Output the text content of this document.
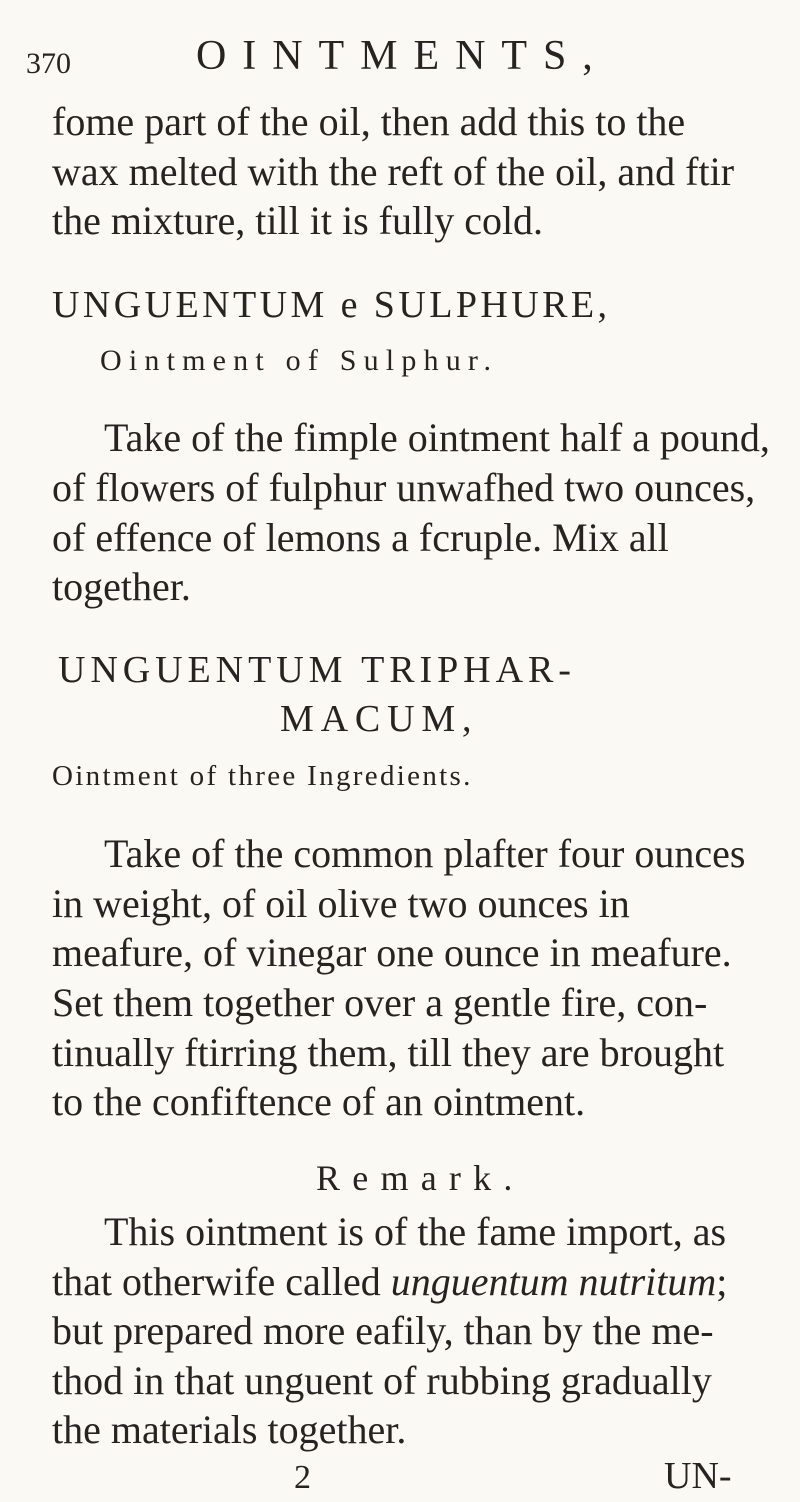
370	OINTMENTS,
fome part of the oil, then add this to the
wax melted with the reft of the oil, and ftir
the mixture, till it is fully cold.
UNGUENTUM e SULPHURE,
Ointment of Sulphur.
Take of the fimple ointment half a pound,
of flowers of fulphur unwafhed two ounces,
of effence of lemons a fcruple. Mix all
together.
UNGUENTUM TRIPHAR-
MACUM,
Ointment of three Ingredients.
Take of the common plafter four ounces
in weight, of oil olive two ounces in
meafure, of vinegar one ounce in meafure.
Set them together over a gentle fire, con-
tinually ftirring them, till they are brought
to the confiftence of an ointment.
Remark.
This ointment is of the fame import, as
that otherwife called unguentum nutritum;
but prepared more eafily, than by the me-
thod in that unguent of rubbing gradually
the materials together.
2	UN-
